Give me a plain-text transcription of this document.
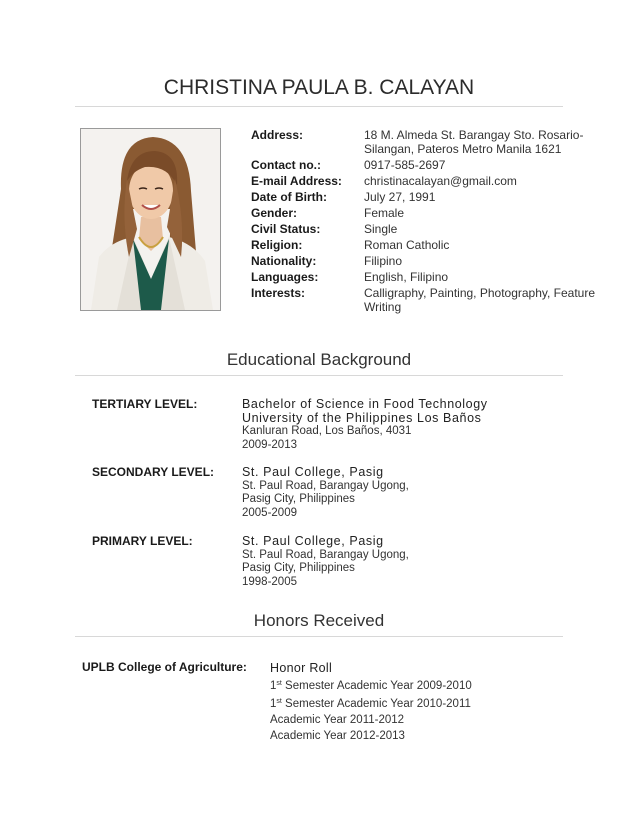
CHRISTINA PAULA B. CALAYAN
Address:	18 M. Almeda St. Barangay Sto. Rosario-Silangan, Pateros Metro Manila 1621
Contact no.:	0917-585-2697
E-mail Address:	christinacalayan@gmail.com
Date of Birth:	July 27, 1991
Gender:	Female
Civil Status:	Single
Religion:	Roman Catholic
Nationality:	Filipino
Languages:	English, Filipino
Interests:	Calligraphy, Painting, Photography, Feature Writing
Educational Background
TERTIARY LEVEL:	Bachelor of Science in Food Technology
University of the Philippines Los Baños
Kanluran Road, Los Baños, 4031
2009-2013
SECONDARY LEVEL:	St. Paul College, Pasig
St. Paul Road, Barangay Ugong,
Pasig City, Philippines
2005-2009
PRIMARY LEVEL:	St. Paul College, Pasig
St. Paul Road, Barangay Ugong,
Pasig City, Philippines
1998-2005
Honors Received
UPLB College of Agriculture:	Honor Roll
1st Semester Academic Year 2009-2010
1st Semester Academic Year 2010-2011
Academic Year 2011-2012
Academic Year 2012-2013
